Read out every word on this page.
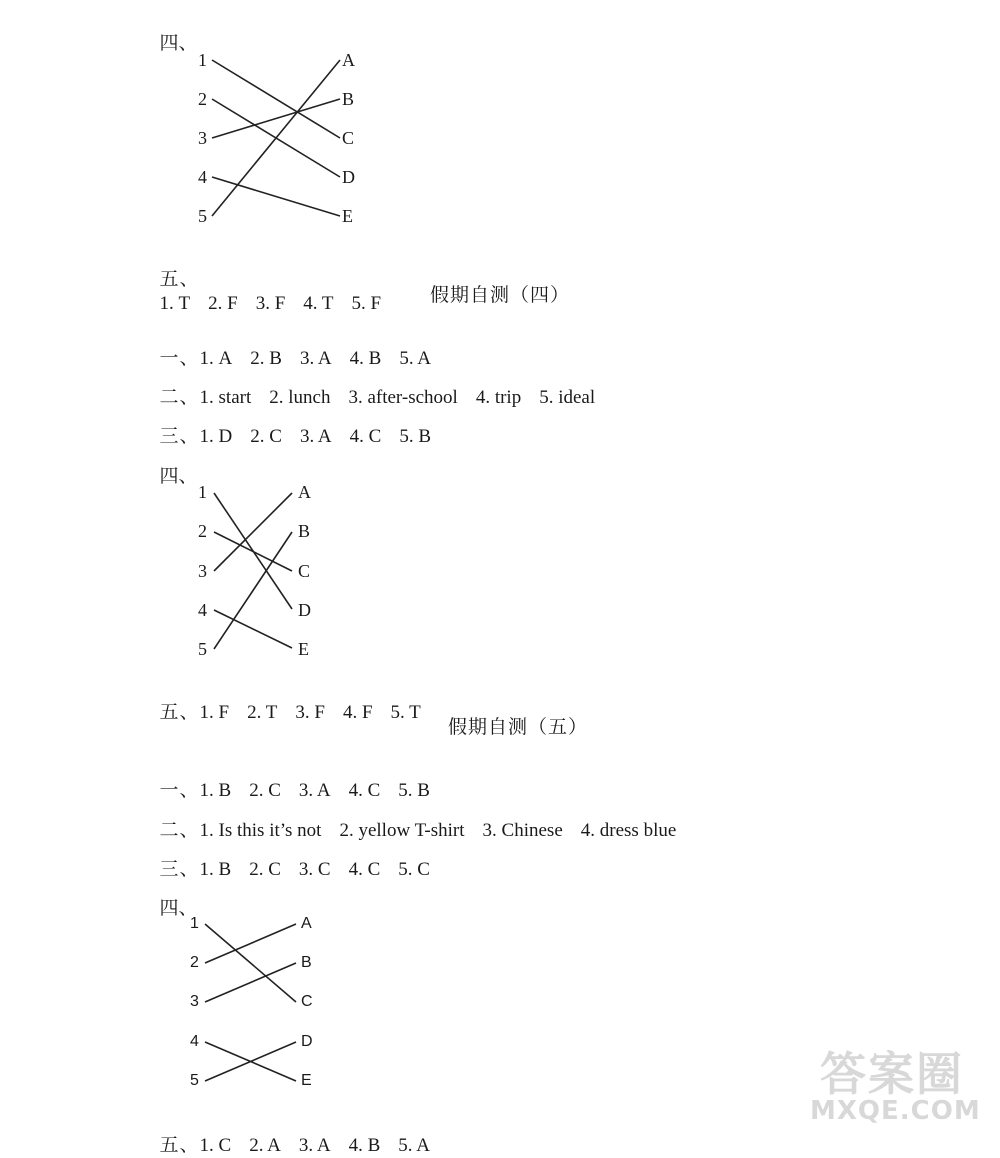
四、

1
2
3
4
5
A
B
C
D
E

五、
1. T 2. F 3. F 4. T 5. F	假期自测（四）

一、1. A 2. B 3. A 4. B 5. A

二、1. start 2. lunch 3. after-school 4. trip 5. ideal

三、1. D 2. C 3. A 4. C 5. B

四、

1
2
3
4
5
A
B
C
D
E

五、1. F 2. T 3. F 4. F 5. T

假期自测（五）

一、1. B 2. C 3. A 4. C 5. B

二、1. Is this it’s not 2. yellow T-shirt 3. Chinese 4. dress blue

三、1. B 2. C 3. C 4. C 5. C

四、

1
2
3
4
5
A
B
C
D
E

五、1. C 2. A 3. A 4. B 5. A

答案圈
MXQE.COM
